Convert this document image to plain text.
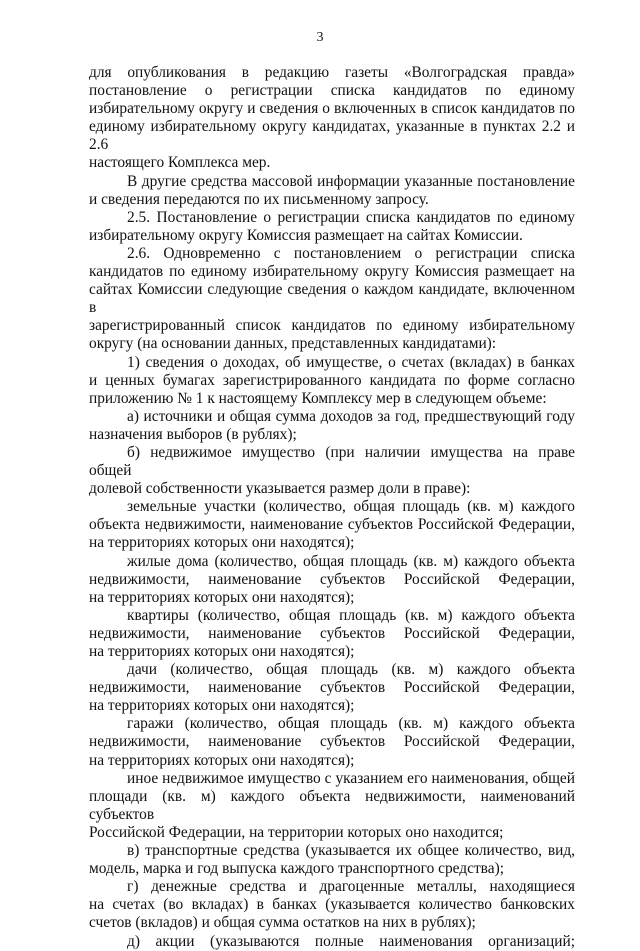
3

для опубликования в редакцию газеты «Волгоградская правда»
постановление о регистрации списка кандидатов по единому
избирательному округу и сведения о включенных в список кандидатов по
единому избирательному округу кандидатах, указанные в пунктах 2.2 и 2.6
настоящего Комплекса мер.

В другие средства массовой информации указанные постановление
и сведения передаются по их письменному запросу.

2.5. Постановление о регистрации списка кандидатов по единому
избирательному округу Комиссия размещает на сайтах Комиссии.

2.6. Одновременно с постановлением о регистрации списка
кандидатов по единому избирательному округу Комиссия размещает на
сайтах Комиссии следующие сведения о каждом кандидате, включенном в
зарегистрированный список кандидатов по единому избирательному
округу (на основании данных, представленных кандидатами):

1) сведения о доходах, об имуществе, о счетах (вкладах) в банках
и ценных бумагах зарегистрированного кандидата по форме согласно
приложению № 1 к настоящему Комплексу мер в следующем объеме:

а) источники и общая сумма доходов за год, предшествующий году
назначения выборов (в рублях);

б) недвижимое имущество (при наличии имущества на праве общей
долевой собственности указывается размер доли в праве):

земельные участки (количество, общая площадь (кв. м) каждого
объекта недвижимости, наименование субъектов Российской Федерации,
на территориях которых они находятся);

жилые дома (количество, общая площадь (кв. м) каждого объекта
недвижимости, наименование субъектов Российской Федерации,
на территориях которых они находятся);

квартиры (количество, общая площадь (кв. м) каждого объекта
недвижимости, наименование субъектов Российской Федерации,
на территориях которых они находятся);

дачи (количество, общая площадь (кв. м) каждого объекта
недвижимости, наименование субъектов Российской Федерации,
на территориях которых они находятся);

гаражи (количество, общая площадь (кв. м) каждого объекта
недвижимости, наименование субъектов Российской Федерации,
на территориях которых они находятся);

иное недвижимое имущество с указанием его наименования, общей
площади (кв. м) каждого объекта недвижимости, наименований субъектов
Российской Федерации, на территории которых оно находится;

в) транспортные средства (указывается их общее количество, вид,
модель, марка и год выпуска каждого транспортного средства);

г) денежные средства и драгоценные металлы, находящиеся
на счетах (во вкладах) в банках (указывается количество банковских
счетов (вкладов) и общая сумма остатков на них в рублях);

д) акции (указываются полные наименования организаций;
